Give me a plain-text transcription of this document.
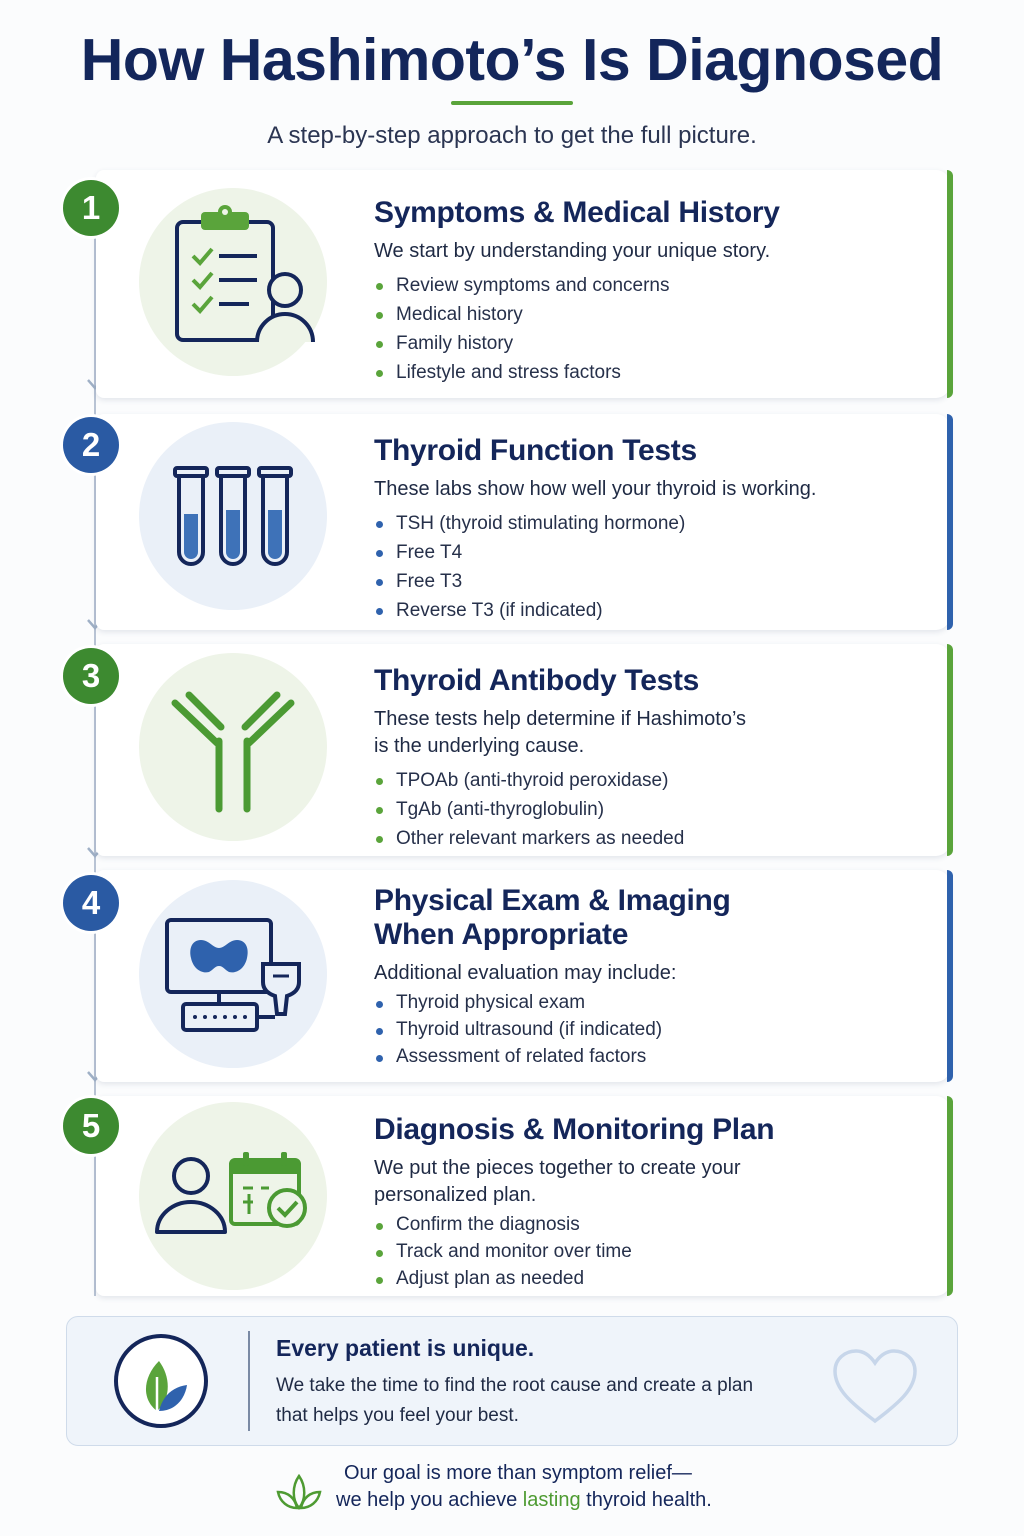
How Hashimoto’s Is Diagnosed
A step-by-step approach to get the full picture.
1	Symptoms & Medical History
We start by understanding your unique story.
Review symptoms and concerns
Medical history
Family history
Lifestyle and stress factors
2	Thyroid Function Tests
These labs show how well your thyroid is working.
TSH (thyroid stimulating hormone)
Free T4
Free T3
Reverse T3 (if indicated)
3	Thyroid Antibody Tests
These tests help determine if Hashimoto’s
is the underlying cause.
TPOAb (anti-thyroid peroxidase)
TgAb (anti-thyroglobulin)
Other relevant markers as needed
4	Physical Exam & Imaging
When Appropriate
Additional evaluation may include:
Thyroid physical exam
Thyroid ultrasound (if indicated)
Assessment of related factors
5	Diagnosis & Monitoring Plan
We put the pieces together to create your
personalized plan.
Confirm the diagnosis
Track and monitor over time
Adjust plan as needed
Every patient is unique.
We take the time to find the root cause and create a plan
that helps you feel your best.
Our goal is more than symptom relief—
we help you achieve lasting thyroid health.
